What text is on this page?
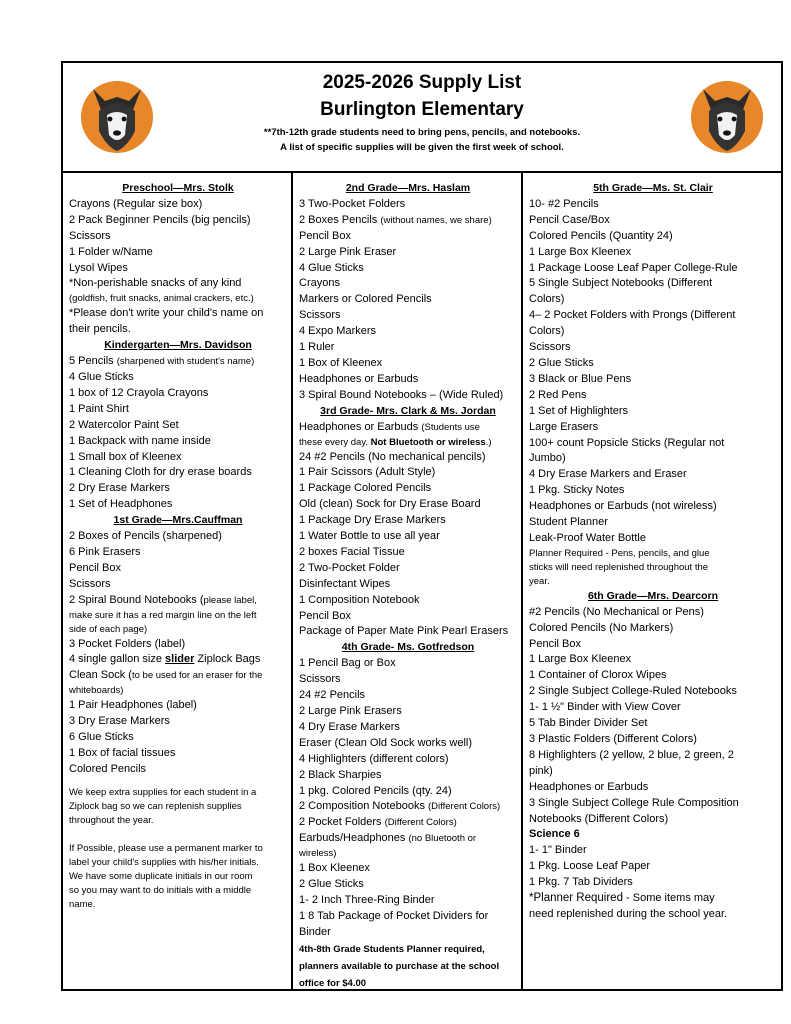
2025-2026 Supply List
Burlington Elementary
**7th-12th grade students need to bring pens, pencils, and notebooks.
A list of specific supplies will be given the first week of school.
Preschool—Mrs. Stolk
Crayons (Regular size box)
2 Pack Beginner Pencils (big pencils)
Scissors
1 Folder w/Name
Lysol Wipes
*Non-perishable snacks of any kind
(goldfish, fruit snacks, animal crackers, etc.)
*Please don't write your child's name on
their pencils.
Kindergarten—Mrs. Davidson
5 Pencils (sharpened with student's name)
4 Glue Sticks
1 box of 12 Crayola Crayons
1 Paint Shirt
2 Watercolor Paint Set
1 Backpack with name inside
1 Small box of Kleenex
1 Cleaning Cloth for dry erase boards
2 Dry Erase Markers
1 Set of Headphones
1st Grade—Mrs.Cauffman
2 Boxes of Pencils (sharpened)
6 Pink Erasers
Pencil Box
Scissors
2 Spiral Bound Notebooks (please label,
make sure it has a red margin line on the left
side of each page)
3 Pocket Folders (label)
4 single gallon size slider Ziplock Bags
Clean Sock (to be used for an eraser for the
whiteboards)
1 Pair Headphones (label)
3 Dry Erase Markers
6 Glue Sticks
1 Box of facial tissues
Colored Pencils
We keep extra supplies for each student in a
Ziplock bag so we can replenish supplies
throughout the year.
If Possible, please use a permanent marker to
label your child's supplies with his/her initials.
We have some duplicate initials in our room
so you may want to do initials with a middle
name.
2nd Grade—Mrs. Haslam
3 Two-Pocket Folders
2 Boxes Pencils (without names, we share)
Pencil Box
2 Large Pink Eraser
4 Glue Sticks
Crayons
Markers or Colored Pencils
Scissors
4 Expo Markers
1 Ruler
1 Box of Kleenex
Headphones or Earbuds
3 Spiral Bound Notebooks – (Wide Ruled)
3rd Grade- Mrs. Clark & Ms. Jordan
Headphones or Earbuds (Students use
these every day. Not Bluetooth or wireless.)
24 #2 Pencils (No mechanical pencils)
1 Pair Scissors (Adult Style)
1 Package Colored Pencils
Old (clean) Sock for Dry Erase Board
1 Package Dry Erase Markers
1 Water Bottle to use all year
2 boxes Facial Tissue
2 Two-Pocket Folder
Disinfectant Wipes
1 Composition Notebook
Pencil Box
Package of Paper Mate Pink Pearl Erasers
4th Grade- Ms. Gotfredson
1 Pencil Bag or Box
Scissors
24 #2 Pencils
2 Large Pink Erasers
4 Dry Erase Markers
Eraser (Clean Old Sock works well)
4 Highlighters (different colors)
2 Black Sharpies
1 pkg. Colored Pencils (qty. 24)
2 Composition Notebooks (Different Colors)
2 Pocket Folders (Different Colors)
Earbuds/Headphones (no Bluetooth or
wireless)
1 Box Kleenex
2 Glue Sticks
1- 2 Inch Three-Ring Binder
1 8 Tab Package of Pocket Dividers for
Binder
4th-8th Grade Students Planner required,
planners available to purchase at the school
office for $4.00
5th Grade—Ms. St. Clair
10- #2 Pencils
Pencil Case/Box
Colored Pencils (Quantity 24)
1 Large Box Kleenex
1 Package Loose Leaf Paper College-Rule
5 Single Subject Notebooks (Different
Colors)
4– 2 Pocket Folders with Prongs (Different
Colors)
Scissors
2 Glue Sticks
3 Black or Blue Pens
2 Red Pens
1 Set of Highlighters
Large Erasers
100+ count Popsicle Sticks (Regular not
Jumbo)
4 Dry Erase Markers and Eraser
1 Pkg. Sticky Notes
Headphones or Earbuds (not wireless)
Student Planner
Leak-Proof Water Bottle
Planner Required - Pens, pencils, and glue
sticks will need replenished throughout the
year.
6th Grade—Mrs. Dearcorn
#2 Pencils (No Mechanical or Pens)
Colored Pencils (No Markers)
Pencil Box
1 Large Box Kleenex
1 Container of Clorox Wipes
2 Single Subject College-Ruled Notebooks
1- 1 ½" Binder with View Cover
5 Tab Binder Divider Set
3 Plastic Folders (Different Colors)
8 Highlighters (2 yellow, 2 blue, 2 green, 2
pink)
Headphones or Earbuds
3 Single Subject College Rule Composition
Notebooks (Different Colors)
Science 6
1- 1" Binder
1 Pkg. Loose Leaf Paper
1 Pkg. 7 Tab Dividers
*Planner Required - Some items may
need replenished during the school year.
